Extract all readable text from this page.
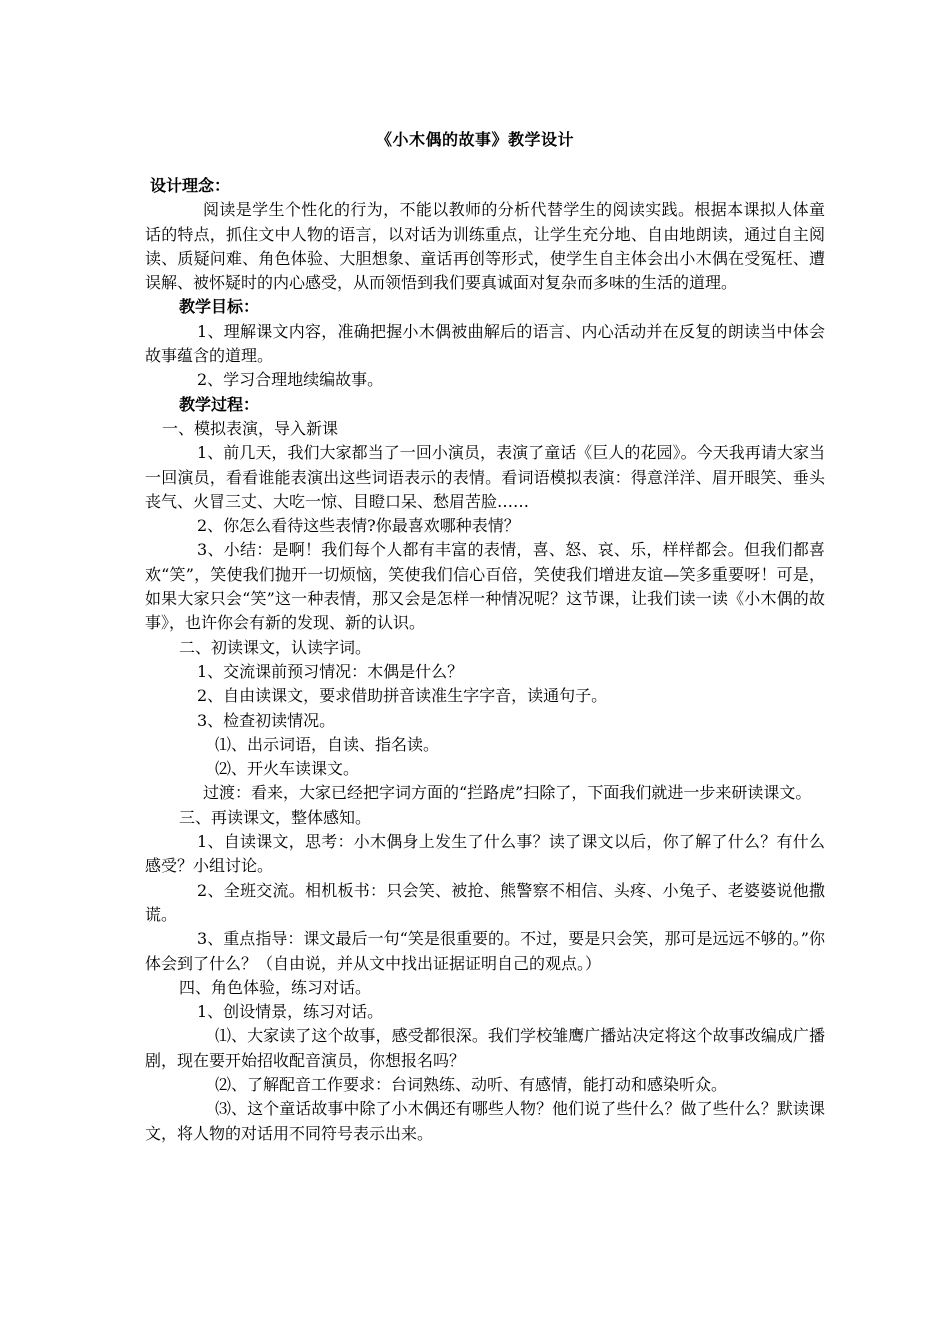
《小木偶的故事》教学设计

设计理念：

阅读是学生个性化的行为，不能以教师的分析代替学生的阅读实践。根据本课拟人体童话的特点，抓住文中人物的语言，以对话为训练重点，让学生充分地、自由地朗读，通过自主阅读、质疑问难、角色体验、大胆想象、童话再创等形式，使学生自主体会出小木偶在受冤枉、遭误解、被怀疑时的内心感受，从而领悟到我们要真诚面对复杂而多味的生活的道理。

教学目标：

1、理解课文内容，准确把握小木偶被曲解后的语言、内心活动并在反复的朗读当中体会故事蕴含的道理。

2、学习合理地续编故事。

教学过程：

一、模拟表演，导入新课

1、前几天，我们大家都当了一回小演员，表演了童话《巨人的花园》。今天我再请大家当一回演员，看看谁能表演出这些词语表示的表情。看词语模拟表演：得意洋洋、眉开眼笑、垂头丧气、火冒三丈、大吃一惊、目瞪口呆、愁眉苦脸……

2、你怎么看待这些表情?你最喜欢哪种表情？

3、小结：是啊！我们每个人都有丰富的表情，喜、怒、哀、乐，样样都会。但我们都喜欢“笑”，笑使我们抛开一切烦恼，笑使我们信心百倍，笑使我们增进友谊—笑多重要呀！可是，如果大家只会“笑”这一种表情，那又会是怎样一种情况呢？这节课，让我们读一读《小木偶的故事》，也许你会有新的发现、新的认识。

二、初读课文，认读字词。

1、交流课前预习情况：木偶是什么？

2、自由读课文，要求借助拼音读准生字字音，读通句子。

3、检查初读情况。

⑴、出示词语，自读、指名读。

⑵、开火车读课文。

过渡：看来，大家已经把字词方面的“拦路虎”扫除了，下面我们就进一步来研读课文。

三、再读课文，整体感知。

1、自读课文，思考：小木偶身上发生了什么事？读了课文以后，你了解了什么？有什么感受？小组讨论。

2、全班交流。相机板书：只会笑、被抢、熊警察不相信、头疼、小兔子、老婆婆说他撒谎。

3、重点指导：课文最后一句“笑是很重要的。不过，要是只会笑，那可是远远不够的。”你体会到了什么？（自由说，并从文中找出证据证明自己的观点。）

四、角色体验，练习对话。

1、创设情景，练习对话。

⑴、大家读了这个故事，感受都很深。我们学校雏鹰广播站决定将这个故事改编成广播剧，现在要开始招收配音演员，你想报名吗？

⑵、了解配音工作要求：台词熟练、动听、有感情，能打动和感染听众。

⑶、这个童话故事中除了小木偶还有哪些人物？他们说了些什么？做了些什么？默读课文，将人物的对话用不同符号表示出来。
